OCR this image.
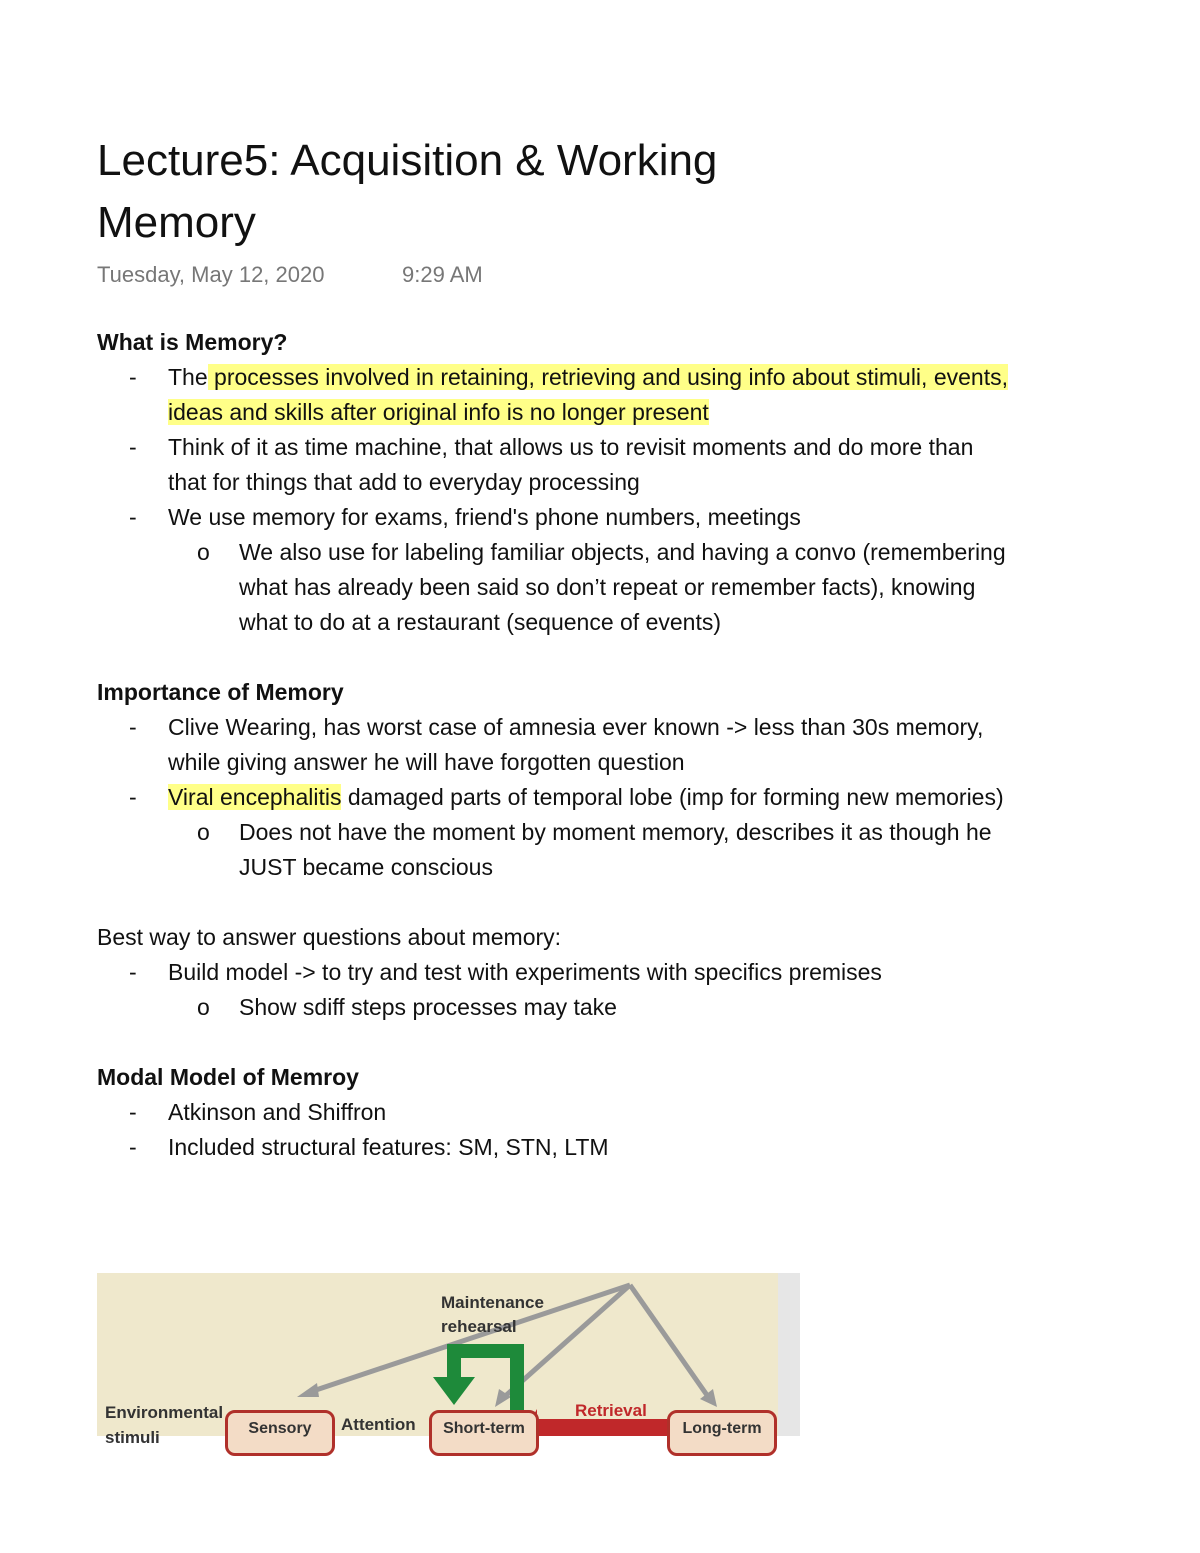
Lecture5: Acquisition & Working Memory
Tuesday, May 12, 2020	9:29 AM

What is Memory?

- The processes involved in retaining, retrieving and using info about stimuli, events, ideas and skills after original info is no longer present
- Think of it as time machine, that allows us to revisit moments and do more than that for things that add to everyday processing
- We use memory for exams, friend's phone numbers, meetings
o We also use for labeling familiar objects, and having a convo (remembering what has already been said so don’t repeat or remember facts), knowing what to do at a restaurant (sequence of events)

Importance of Memory

- Clive Wearing, has worst case of amnesia ever known -> less than 30s memory, while giving answer he will have forgotten question
- Viral encephalitis damaged parts of temporal lobe (imp for forming new memories)
o Does not have the moment by moment memory, describes it as though he JUST became conscious

Best way to answer questions about memory:

- Build model -> to try and test with experiments with specifics premises
o Show sdiff steps processes may take

Modal Model of Memroy

- Atkinson and Shiffron
- Included structural features: SM, STN, LTM
Maintenance
rehearsal
Environmental
stimuli
Attention
Retrieval
Sensory	Short-term	Long-term
